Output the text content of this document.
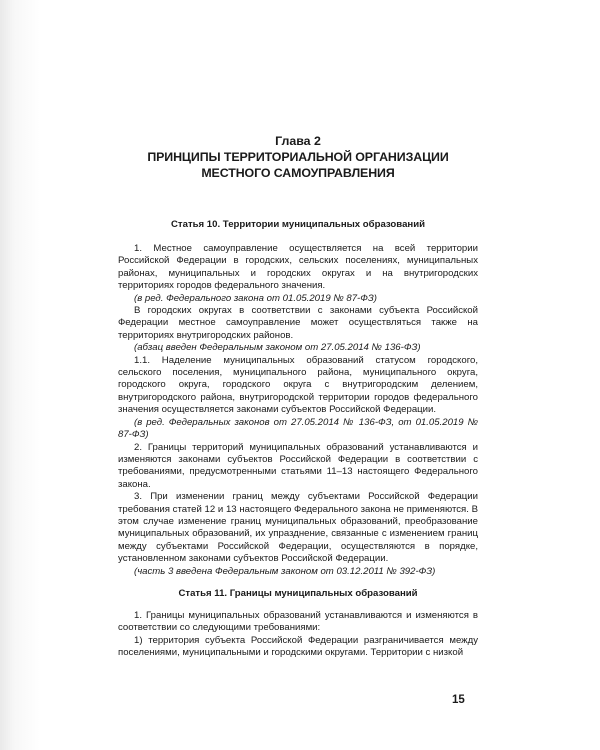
Глава 2

ПРИНЦИПЫ ТЕРРИТОРИАЛЬНОЙ ОРГАНИЗАЦИИ

МЕСТНОГО САМОУПРАВЛЕНИЯ

Статья 10. Территории муниципальных образований

1. Местное самоуправление осуществляется на всей территории Российской Федерации в городских, сельских поселениях, муниципальных районах, муниципальных и городских округах и на внутригородских территориях городов федерального значения.

(в ред. Федерального закона от 01.05.2019 № 87-ФЗ)

В городских округах в соответствии с законами субъекта Российской Федерации местное самоуправление может осуществляться также на территориях внутригородских районов.

(абзац введен Федеральным законом от 27.05.2014 № 136-ФЗ)

1.1. Наделение муниципальных образований статусом городского, сельского поселения, муниципального района, муниципального округа, городского округа, городского округа с внутригородским делением, внутригородского района, внутригородской территории городов федерального значения осуществляется законами субъектов Российской Федерации.

(в ред. Федеральных законов от 27.05.2014 № 136-ФЗ, от 01.05.2019 № 87-ФЗ)

2. Границы территорий муниципальных образований устанавливаются и изменяются законами субъектов Российской Федерации в соответствии с требованиями, предусмотренными статьями 11–13 настоящего Федерального закона.

3. При изменении границ между субъектами Российской Федерации требования статей 12 и 13 настоящего Федерального закона не применяются. В этом случае изменение границ муниципальных образований, преобразование муниципальных образований, их упразднение, связанные с изменением границ между субъектами Российской Федерации, осуществляются в порядке, установленном законами субъектов Российской Федерации.

(часть 3 введена Федеральным законом от 03.12.2011 № 392-ФЗ)

Статья 11. Границы муниципальных образований

1. Границы муниципальных образований устанавливаются и изменяются в соответствии со следующими требованиями:

1) территория субъекта Российской Федерации разграничивается между поселениями, муниципальными и городскими округами. Территории с низкой

15
